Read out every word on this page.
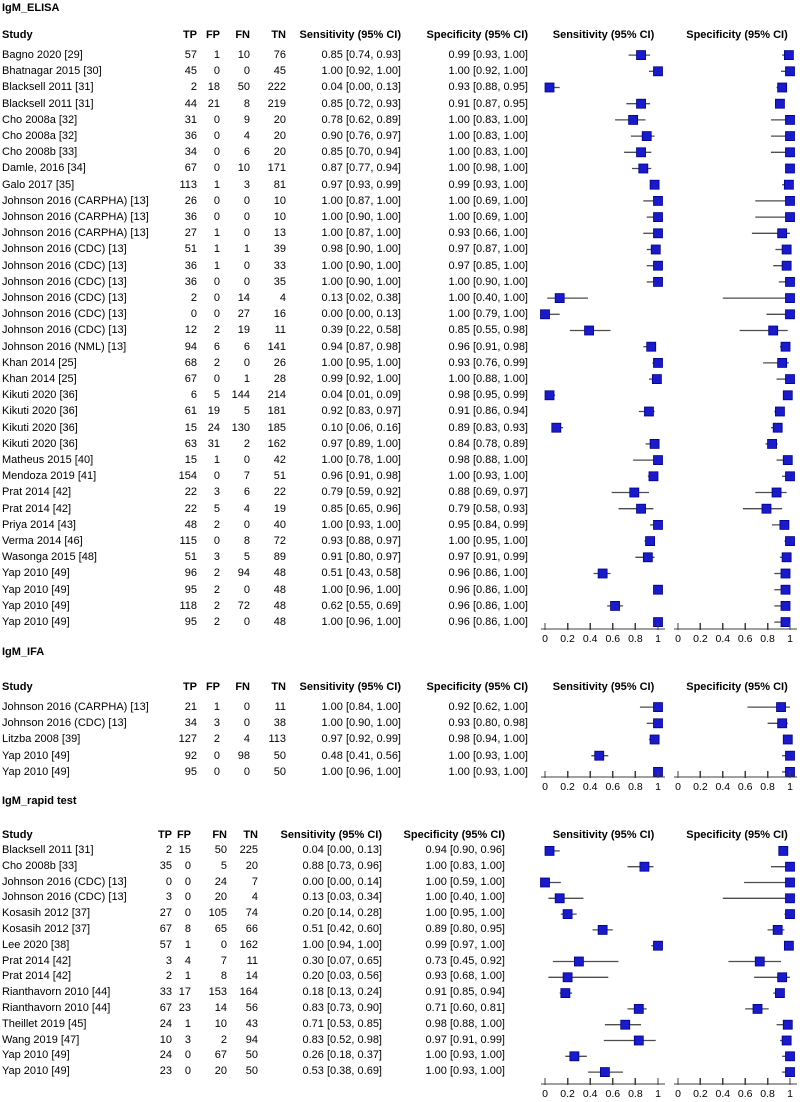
0 0.2 0.4 0.6 0.8 1 0 0.2 0.4 0.6 0.8 1
0 0.2 0.4 0.6 0.8 1 0 0.2 0.4 0.6 0.8 1
0 0.2 0.4 0.6 0.8 1 0 0.2 0.4 0.6 0.8 1
IgM_ELISA
Study	TP FP	FN	TN	Sensitivity (95% CI)	Specificity (95% CI)	Sensitivity (95% CI)	Specificity (95% CI)
Bagno 2020 [29]	57	1	10	76	0.85 [0.74, 0.93]	0.99 [0.93, 1.00]
Bhatnagar 2015 [30]	45	0	0	45	1.00 [0.92, 1.00]	1.00 [0.92, 1.00]
Blacksell 2011 [31]	2 18	50	222	0.04 [0.00, 0.13]	0.93 [0.88, 0.95]
Blacksell 2011 [31]	44 21	8	219	0.85 [0.72, 0.93]	0.91 [0.87, 0.95]
Cho 2008a [32]	31	0	9	20	0.78 [0.62, 0.89]	1.00 [0.83, 1.00]
Cho 2008a [32]	36	0	4	20	0.90 [0.76, 0.97]	1.00 [0.83, 1.00]
Cho 2008b [33]	34	0	6	20	0.85 [0.70, 0.94]	1.00 [0.83, 1.00]
Damle, 2016 [34]	67	0	10	171	0.87 [0.77, 0.94]	1.00 [0.98, 1.00]
Galo 2017 [35]	113	1	3	81	0.97 [0.93, 0.99]	0.99 [0.93, 1.00]
Johnson 2016 (CARPHA) [13]	26	0	0	10	1.00 [0.87, 1.00]	1.00 [0.69, 1.00]
Johnson 2016 (CARPHA) [13]	36	0	0	10	1.00 [0.90, 1.00]	1.00 [0.69, 1.00]
Johnson 2016 (CARPHA) [13]	27	1	0	13	1.00 [0.87, 1.00]	0.93 [0.66, 1.00]
Johnson 2016 (CDC) [13]	51	1	1	39	0.98 [0.90, 1.00]	0.97 [0.87, 1.00]
Johnson 2016 (CDC) [13]	36	1	0	33	1.00 [0.90, 1.00]	0.97 [0.85, 1.00]
Johnson 2016 (CDC) [13]	36	0	0	35	1.00 [0.90, 1.00]	1.00 [0.90, 1.00]
Johnson 2016 (CDC) [13]	2	0	14	4	0.13 [0.02, 0.38]	1.00 [0.40, 1.00]
Johnson 2016 (CDC) [13]	0	0	27	16	0.00 [0.00, 0.13]	1.00 [0.79, 1.00]
Johnson 2016 (CDC) [13]	12	2	19	11	0.39 [0.22, 0.58]	0.85 [0.55, 0.98]
Johnson 2016 (NML) [13]	94	6	6	141	0.94 [0.87, 0.98]	0.96 [0.91, 0.98]
Khan 2014 [25]	68	2	0	26	1.00 [0.95, 1.00]	0.93 [0.76, 0.99]
Khan 2014 [25]	67	0	1	28	0.99 [0.92, 1.00]	1.00 [0.88, 1.00]
Kikuti 2020 [36]	6	5	144	214	0.04 [0.01, 0.09]	0.98 [0.95, 0.99]
Kikuti 2020 [36]	61 19	5	181	0.92 [0.83, 0.97]	0.91 [0.86, 0.94]
Kikuti 2020 [36]	15 24	130	185	0.10 [0.06, 0.16]	0.89 [0.83, 0.93]
Kikuti 2020 [36]	63 31	2	162	0.97 [0.89, 1.00]	0.84 [0.78, 0.89]
Matheus 2015 [40]	15	1	0	42	1.00 [0.78, 1.00]	0.98 [0.88, 1.00]
Mendoza 2019 [41]	154	0	7	51	0.96 [0.91, 0.98]	1.00 [0.93, 1.00]
Prat 2014 [42]	22	3	6	22	0.79 [0.59, 0.92]	0.88 [0.69, 0.97]
Prat 2014 [42]	22	5	4	19	0.85 [0.65, 0.96]	0.79 [0.58, 0.93]
Priya 2014 [43]	48	2	0	40	1.00 [0.93, 1.00]	0.95 [0.84, 0.99]
Verma 2014 [46]	115	0	8	72	0.93 [0.88, 0.97]	1.00 [0.95, 1.00]
Wasonga 2015 [48]	51	3	5	89	0.91 [0.80, 0.97]	0.97 [0.91, 0.99]
Yap 2010 [49]	96	2	94	48	0.51 [0.43, 0.58]	0.96 [0.86, 1.00]
Yap 2010 [49]	95	2	0	48	1.00 [0.96, 1.00]	0.96 [0.86, 1.00]
Yap 2010 [49]	118	2	72	48	0.62 [0.55, 0.69]	0.96 [0.86, 1.00]
Yap 2010 [49]	95	2	0	48	1.00 [0.96, 1.00]	0.96 [0.86, 1.00]
IgM_IFA
Study	TP FP	FN	TN	Sensitivity (95% CI)	Specificity (95% CI)	Sensitivity (95% CI)	Specificity (95% CI)
Johnson 2016 (CARPHA) [13]	21	1	0	11	1.00 [0.84, 1.00]	0.92 [0.62, 1.00]
Johnson 2016 (CDC) [13]	34	3	0	38	1.00 [0.90, 1.00]	0.93 [0.80, 0.98]
Litzba 2008 [39]	127	2	4	113	0.97 [0.92, 0.99]	0.98 [0.94, 1.00]
Yap 2010 [49]	92	0	98	50	0.48 [0.41, 0.56]	1.00 [0.93, 1.00]
Yap 2010 [49]	95	0	0	50	1.00 [0.96, 1.00]	1.00 [0.93, 1.00]
IgM_rapid test
Study	TP FP	FN	TN	Sensitivity (95% CI)	Specificity (95% CI)	Sensitivity (95% CI)	Specificity (95% CI)
Blacksell 2011 [31]	2 15	50	225	0.04 [0.00, 0.13]	0.94 [0.90, 0.96]
Cho 2008b [33]	35	0	5	20	0.88 [0.73, 0.96]	1.00 [0.83, 1.00]
Johnson 2016 (CDC) [13]	0	0	24	7	0.00 [0.00, 0.14]	1.00 [0.59, 1.00]
Johnson 2016 (CDC) [13]	3	0	20	4	0.13 [0.03, 0.34]	1.00 [0.40, 1.00]
Kosasih 2012 [37]	27	0	105	74	0.20 [0.14, 0.28]	1.00 [0.95, 1.00]
Kosasih 2012 [37]	67	8	65	66	0.51 [0.42, 0.60]	0.89 [0.80, 0.95]
Lee 2020 [38]	57	1	0	162	1.00 [0.94, 1.00]	0.99 [0.97, 1.00]
Prat 2014 [42]	3	4	7	11	0.30 [0.07, 0.65]	0.73 [0.45, 0.92]
Prat 2014 [42]	2	1	8	14	0.20 [0.03, 0.56]	0.93 [0.68, 1.00]
Rianthavorn 2010 [44]	33 17	153	164	0.18 [0.13, 0.24]	0.91 [0.85, 0.94]
Rianthavorn 2010 [44]	67 23	14	56	0.83 [0.73, 0.90]	0.71 [0.60, 0.81]
Theillet 2019 [45]	24	1	10	43	0.71 [0.53, 0.85]	0.98 [0.88, 1.00]
Wang 2019 [47]	10	3	2	94	0.83 [0.52, 0.98]	0.97 [0.91, 0.99]
Yap 2010 [49]	24	0	67	50	0.26 [0.18, 0.37]	1.00 [0.93, 1.00]
Yap 2010 [49]	23	0	20	50	0.53 [0.38, 0.69]	1.00 [0.93, 1.00]
